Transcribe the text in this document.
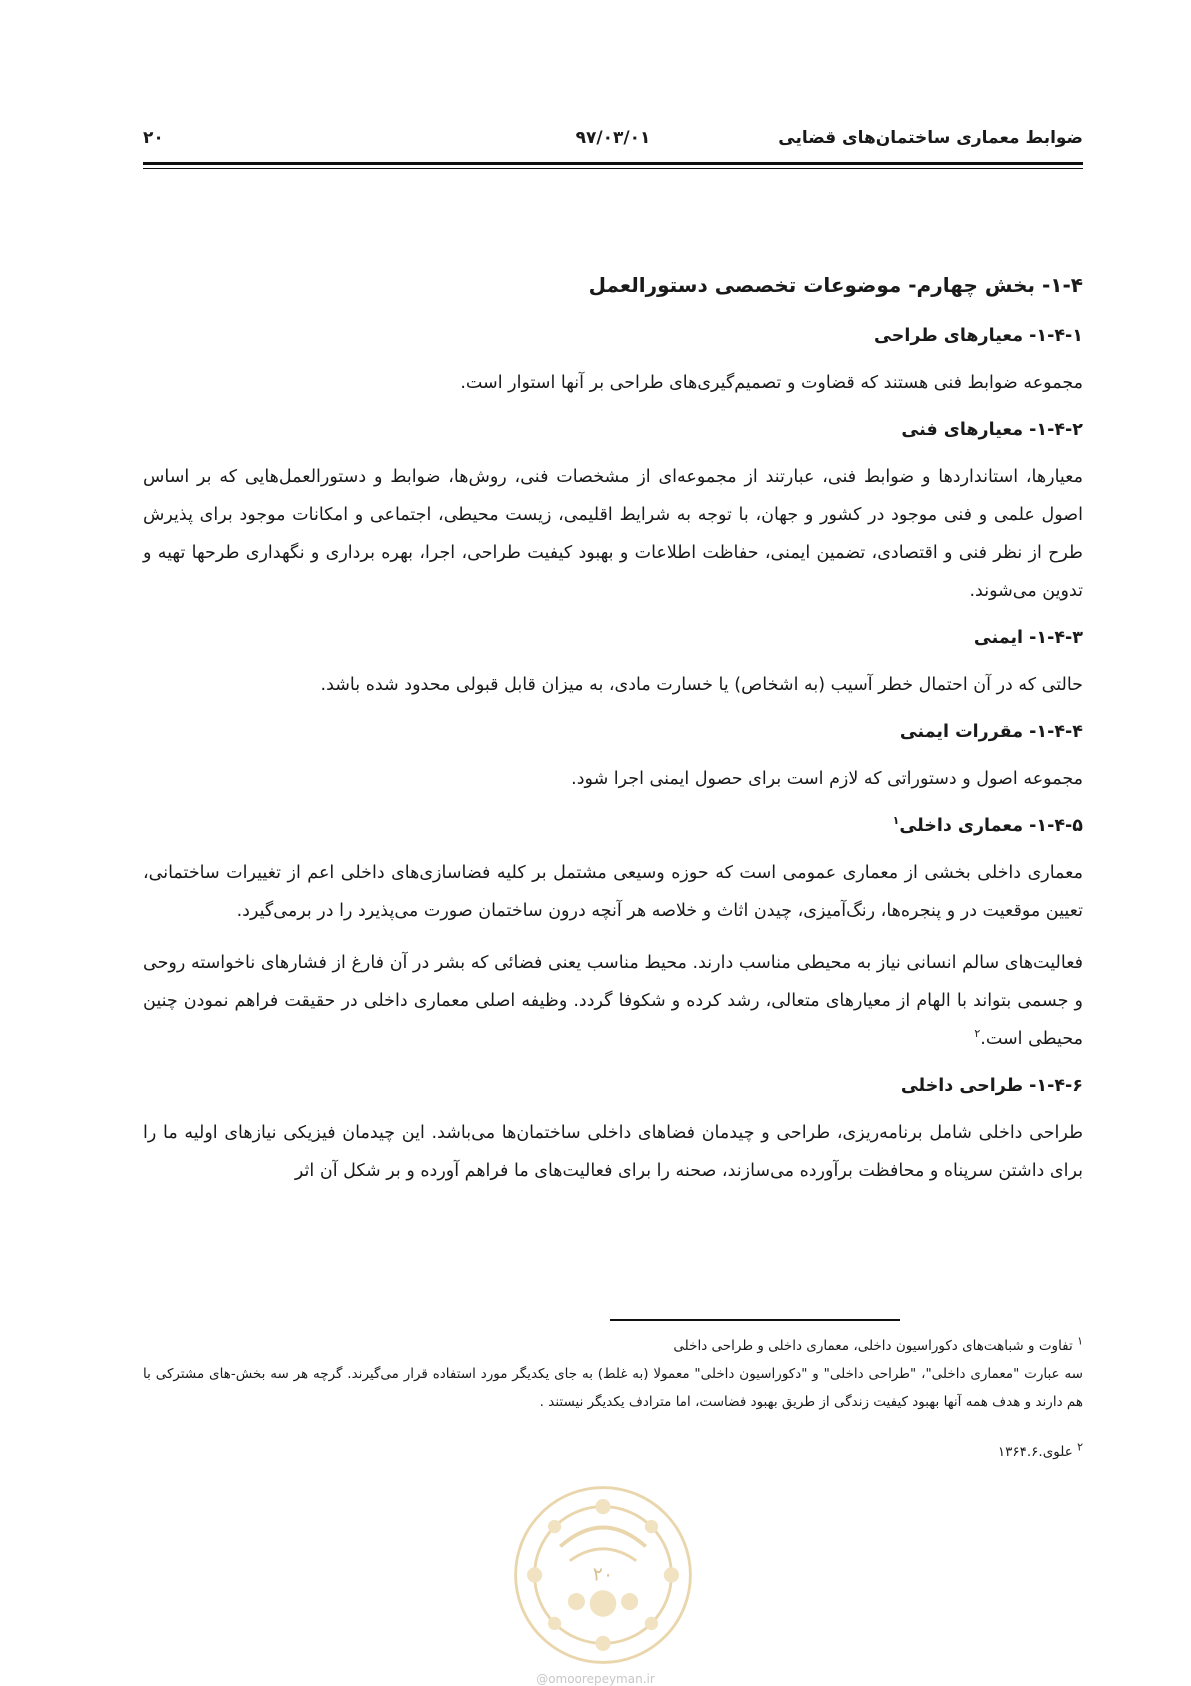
ضوابط معماری ساختمان‌های قضایی
۹۷/۰۳/۰۱
۲۰
۱-۴- بخش چهارم- موضوعات تخصصی دستورالعمل
۱-۴-۱- معیارهای طراحی

مجموعه ضوابط فنی هستند که قضاوت و تصمیم‌گیری‌های طراحی بر آنها استوار است.

۱-۴-۲- معیارهای فنی

معیارها، استانداردها و ضوابط فنی، عبارتند از مجموعه‌ای از مشخصات فنی، روش‌ها، ضوابط و دستورالعمل‌هایی که بر اساس اصول علمی و فنی موجود در کشور و جهان، با توجه به شرایط اقلیمی، زیست محیطی، اجتماعی و امکانات موجود برای پذیرش طرح از نظر فنی و اقتصادی، تضمین ایمنی، حفاظت اطلاعات و بهبود کیفیت طراحی، اجرا، بهره برداری و نگهداری طرحها تهیه و تدوین می‌شوند.

۱-۴-۳- ایمنی

حالتی که در آن احتمال خطر آسیب (به اشخاص) یا خسارت مادی، به میزان قابل قبولی محدود شده باشد.

۱-۴-۴- مقررات ایمنی

مجموعه اصول و دستوراتی که لازم است برای حصول ایمنی اجرا شود.

۱-۴-۵- معماری داخلی$^۱$

معماری داخلی بخشی از معماری عمومی است که حوزه وسیعی مشتمل بر کلیه فضاسازی‌های داخلی اعم از تغییرات ساختمانی، تعیین موقعیت در و پنجره‌ها، رنگ‌آمیزی، چیدن اثاث و خلاصه هر آنچه درون ساختمان صورت می‌پذیرد را در برمی‌گیرد.

فعالیت‌های سالم انسانی نیاز به محیطی مناسب دارند. محیط مناسب یعنی فضائی که بشر در آن فارغ از فشارهای ناخواسته روحی و جسمی بتواند با الهام از معیارهای متعالی، رشد کرده و شکوفا گردد. وظیفه اصلی معماری داخلی در حقیقت فراهم نمودن چنین محیطی است.$^۲$

۱-۴-۶- طراحی داخلی

طراحی داخلی شامل برنامه‌ریزی، طراحی و چیدمان فضاهای داخلی ساختمان‌ها می‌باشد. این چیدمان فیزیکی نیازهای اولیه ما را برای داشتن سرپناه و محافظت برآورده می‌سازند، صحنه را برای فعالیت‌های ما فراهم آورده و بر شکل آن اثر

$^۱$ تفاوت و شباهت‌های دکوراسیون داخلی، معماری داخلی و طراحی داخلی

سه عبارت "معماری داخلی"، "طراحی داخلی" و "دکوراسیون داخلی" معمولا (به غلط) به جای یکدیگر مورد استفاده قرار می‌گیرند. گرچه هر سه بخش-های مشترکی با هم دارند و هدف همه آنها بهبود کیفیت زندگی از طریق بهبود فضاست، اما مترادف یکدیگر نیستند .

$^۲$ علوی.۱۳۶۴.۶

۲۰
@omoorepeyman.ir
